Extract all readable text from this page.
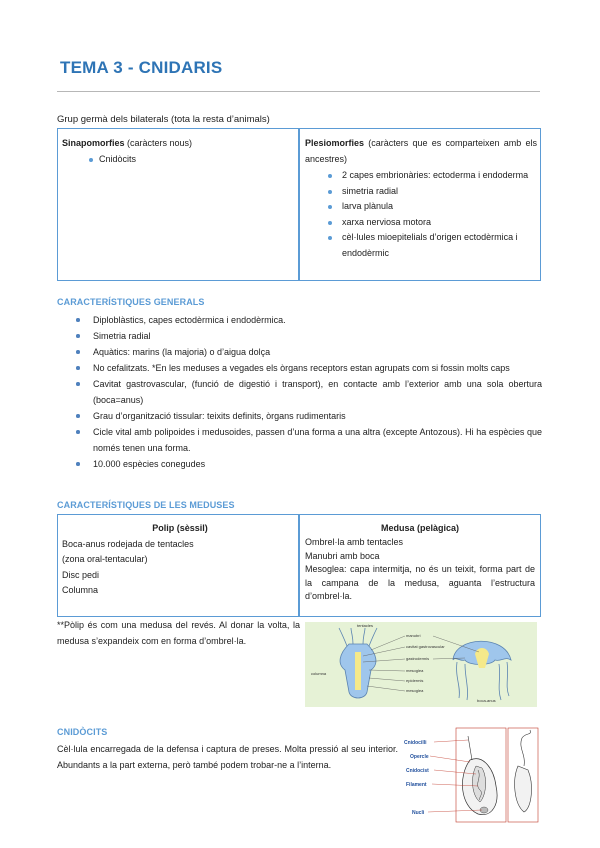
TEMA 3 - CNIDARIS
Grup germà dels bilaterals (tota la resta d’animals)
Sinapomorfies (caràcters nous)
Cnidòcits
Plesiomorfies (caràcters que es comparteixen amb els ancestres)
2 capes embrionàries: ectoderma i endoderma
simetria radial
larva plànula
xarxa nerviosa motora
cèl·lules mioepitelials d’origen ectodèrmica i endodèrmic
CARACTERÍSTIQUES GENERALS
Diploblàstics, capes ectodèrmica i endodèrmica.
Simetria radial
Aquàtics: marins (la majoria) o d’aigua dolça
No cefalitzats. *En les meduses a vegades els òrgans receptors estan agrupats com si fossin molts caps
Cavitat gastrovascular, (funció de digestió i transport), en contacte amb l’exterior amb una sola obertura (boca=anus)
Grau d’organització tissular: teixits definits, òrgans rudimentaris
Cicle vital amb polipoides i medusoides, passen d’una forma a una altra (excepte Antozous). Hi ha espècies que només tenen una forma.
10.000 espècies conegudes
CARACTERÍSTIQUES DE LES MEDUSES
Polip (sèssil)
Boca-anus rodejada de tentacles
(zona oral-tentacular)
Disc pedi
Columna
Medusa (pelàgica)
Ombrel·la amb tentacles
Manubri amb boca
Mesoglea: capa intermitja, no és un teixit, forma part de la campana de la medusa, aguanta l’estructura d’ombrel·la.
**Pòlip és com una medusa del revés. Al donar la volta, la medusa s’expandeix com en forma d’ombrel·la.
tentacles
columna
manubri
cavitat gastrovascular
gastrodermis
mesoglea
epidermis
mesoglea
boca-anus
CNIDÒCITS
Cèl·lula encarregada de la defensa i captura de preses. Molta pressió al seu interior. Abundants a la part externa, però també podem trobar-ne a l’interna.
Cnidocilli
Opercle
Cnidocist
Filament
Nucli
